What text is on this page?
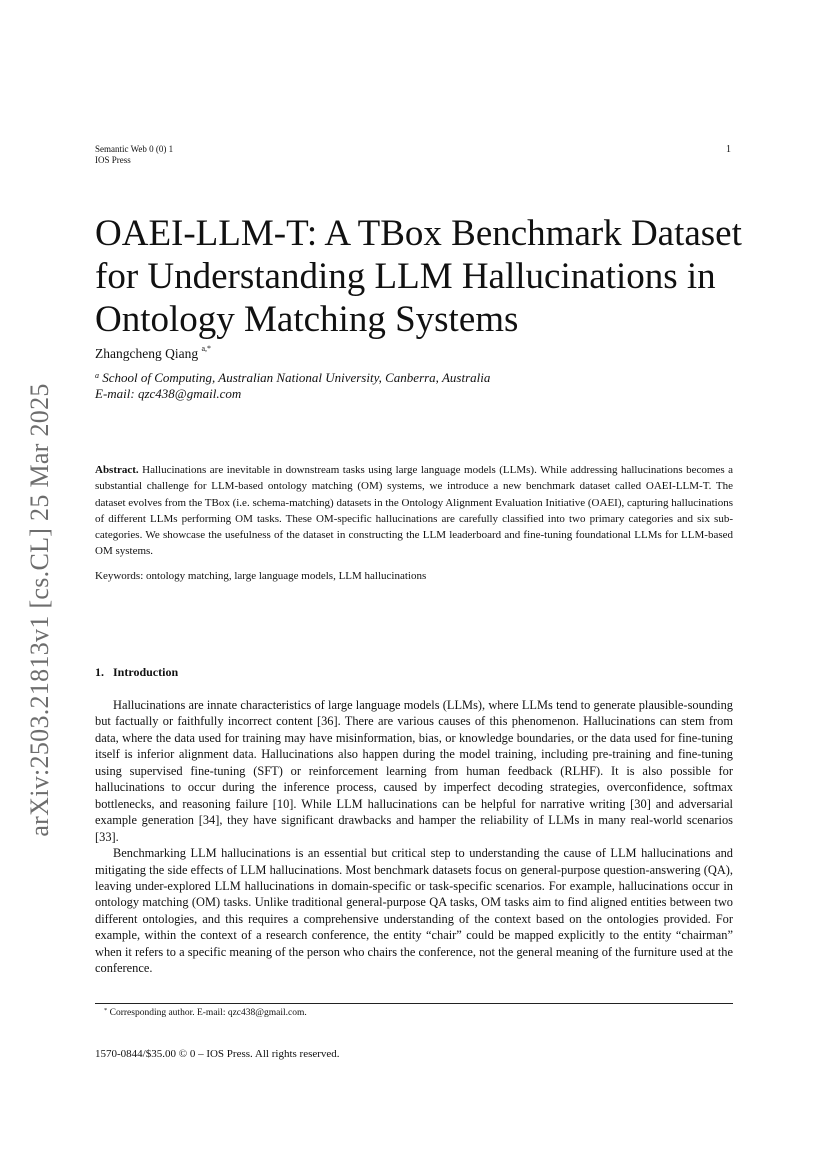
Semantic Web 0 (0) 1
IOS Press
1
arXiv:2503.21813v1 [cs.CL] 25 Mar 2025
OAEI-LLM-T: A TBox Benchmark Dataset for Understanding LLM Hallucinations in Ontology Matching Systems
Zhangcheng Qiang $^{a,*}$
$^a$ School of Computing, Australian National University, Canberra, Australia
E-mail: qzc438@gmail.com
Abstract. Hallucinations are inevitable in downstream tasks using large language models (LLMs). While addressing hallucinations becomes a substantial challenge for LLM-based ontology matching (OM) systems, we introduce a new benchmark dataset called OAEI-LLM-T. The dataset evolves from the TBox (i.e. schema-matching) datasets in the Ontology Alignment Evaluation Initiative (OAEI), capturing hallucinations of different LLMs performing OM tasks. These OM-specific hallucinations are carefully classified into two primary categories and six sub-categories. We showcase the usefulness of the dataset in constructing the LLM leaderboard and fine-tuning foundational LLMs for LLM-based OM systems.
Keywords: ontology matching, large language models, LLM hallucinations
1. Introduction

Hallucinations are innate characteristics of large language models (LLMs), where LLMs tend to generate plausible-sounding but factually or faithfully incorrect content [36]. There are various causes of this phenomenon. Hallucinations can stem from data, where the data used for training may have misinformation, bias, or knowledge boundaries, or the data used for fine-tuning itself is inferior alignment data. Hallucinations also happen during the model training, including pre-training and fine-tuning using supervised fine-tuning (SFT) or reinforcement learning from human feedback (RLHF). It is also possible for hallucinations to occur during the inference process, caused by imperfect decoding strategies, overconfidence, softmax bottlenecks, and reasoning failure [10]. While LLM hallucinations can be helpful for narrative writing [30] and adversarial example generation [34], they have significant drawbacks and hamper the reliability of LLMs in many real-world scenarios [33].

Benchmarking LLM hallucinations is an essential but critical step to understanding the cause of LLM hallucinations and mitigating the side effects of LLM hallucinations. Most benchmark datasets focus on general-purpose question-answering (QA), leaving under-explored LLM hallucinations in domain-specific or task-specific scenarios. For example, hallucinations occur in ontology matching (OM) tasks. Unlike traditional general-purpose QA tasks, OM tasks aim to find aligned entities between two different ontologies, and this requires a comprehensive understanding of the context based on the ontologies provided. For example, within the context of a research conference, the entity “chair” could be mapped explicitly to the entity “chairman” when it refers to a specific meaning of the person who chairs the conference, not the general meaning of the furniture used at the conference.

* Corresponding author. E-mail: qzc438@gmail.com.
1570-0844/$35.00 © 0 – IOS Press. All rights reserved.
